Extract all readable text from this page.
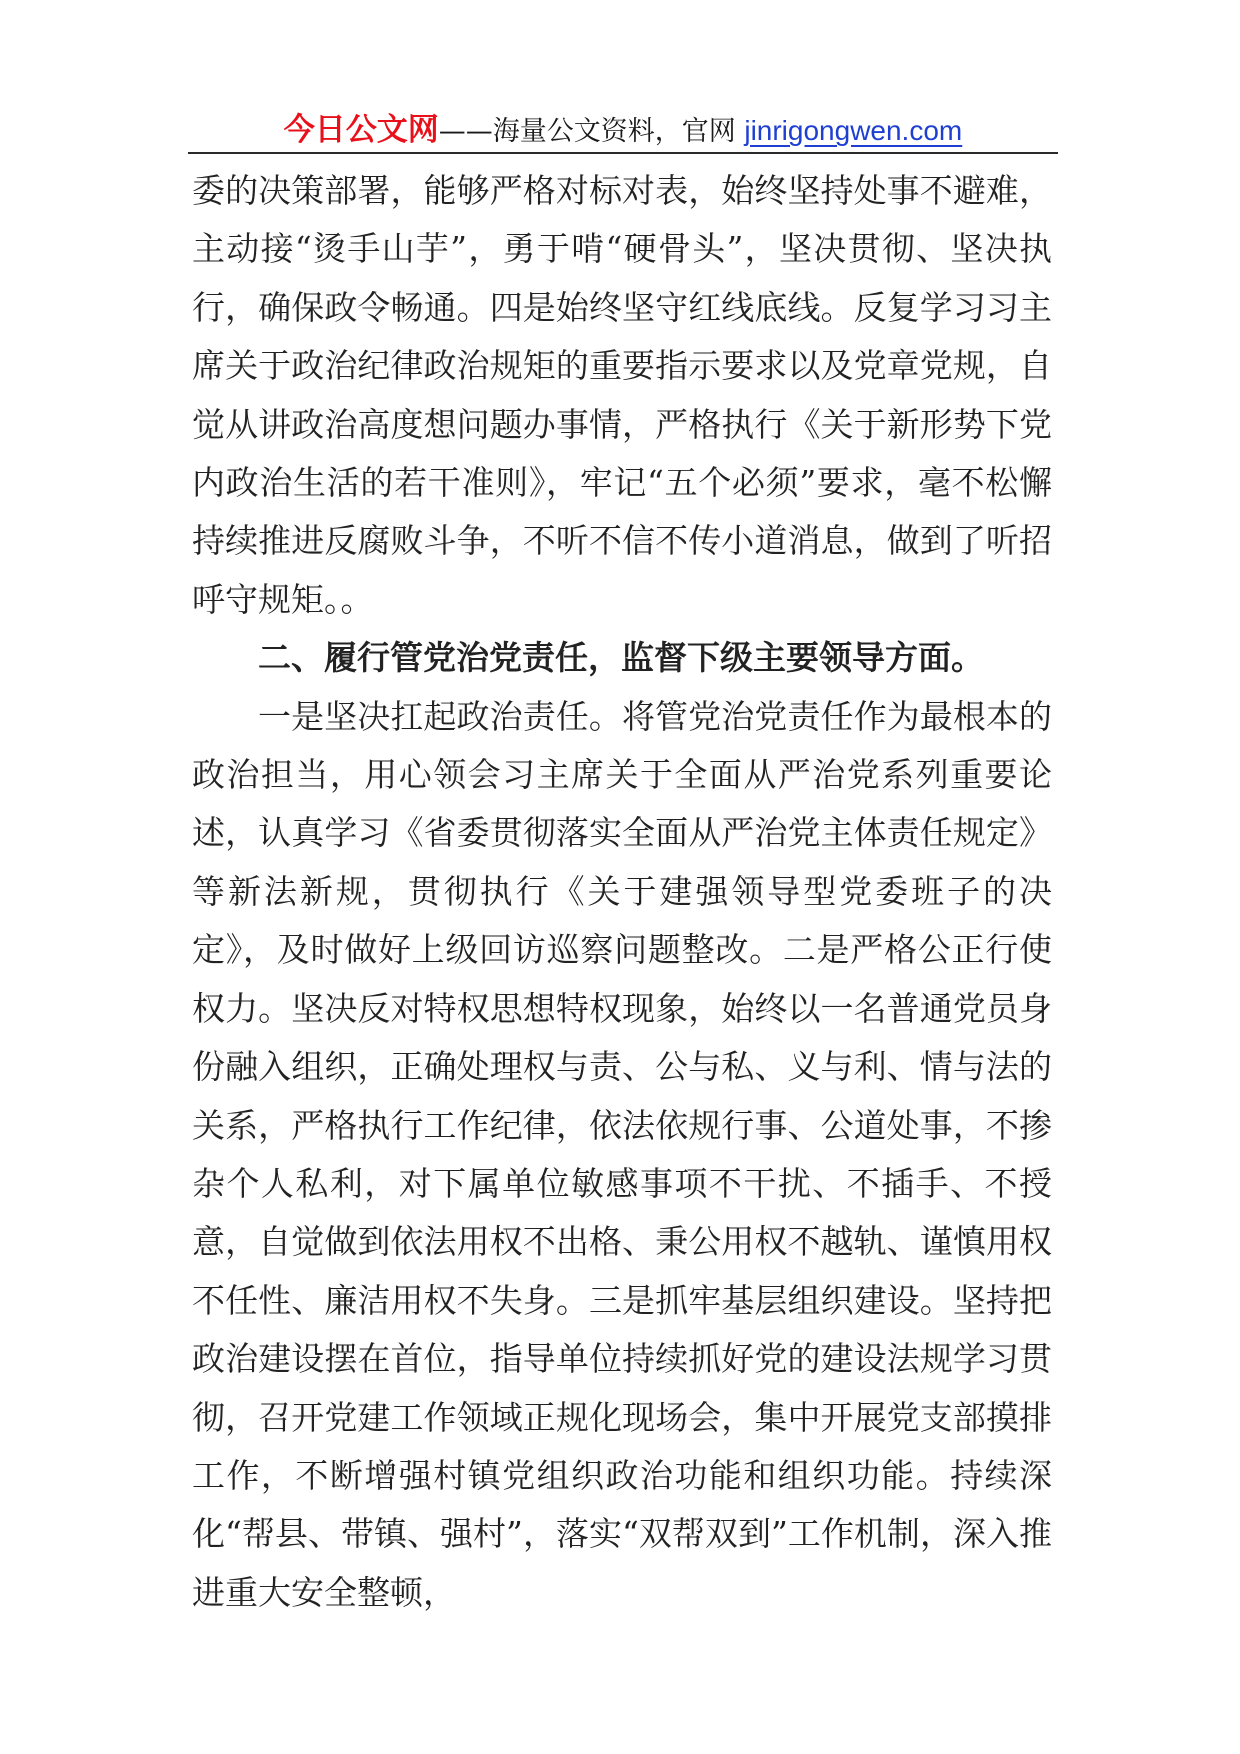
今日公文网——海量公文资料，官网 jinrigongwen.com

委的决策部署，能够严格对标对表，始终坚持处事不避难，主动接“烫手山芋”，勇于啃“硬骨头”，坚决贯彻、坚决执行，确保政令畅通。四是始终坚守红线底线。反复学习习主席关于政治纪律政治规矩的重要指示要求以及党章党规，自觉从讲政治高度想问题办事情，严格执行《关于新形势下党内政治生活的若干准则》，牢记“五个必须”要求，毫不松懈持续推进反腐败斗争，不听不信不传小道消息，做到了听招呼守规矩。。

二、履行管党治党责任，监督下级主要领导方面。

一是坚决扛起政治责任。将管党治党责任作为最根本的政治担当，用心领会习主席关于全面从严治党系列重要论述，认真学习《省委贯彻落实全面从严治党主体责任规定》等新法新规，贯彻执行《关于建强领导型党委班子的决定》，及时做好上级回访巡察问题整改。二是严格公正行使权力。坚决反对特权思想特权现象，始终以一名普通党员身份融入组织，正确处理权与责、公与私、义与利、情与法的关系，严格执行工作纪律，依法依规行事、公道处事，不掺杂个人私利，对下属单位敏感事项不干扰、不插手、不授意，自觉做到依法用权不出格、秉公用权不越轨、谨慎用权不任性、廉洁用权不失身。三是抓牢基层组织建设。坚持把政治建设摆在首位，指导单位持续抓好党的建设法规学习贯彻，召开党建工作领域正规化现场会，集中开展党支部摸排工作，不断增强村镇党组织政治功能和组织功能。持续深化“帮县、带镇、强村”，落实“双帮双到”工作机制，深入推进重大安全整顿，
